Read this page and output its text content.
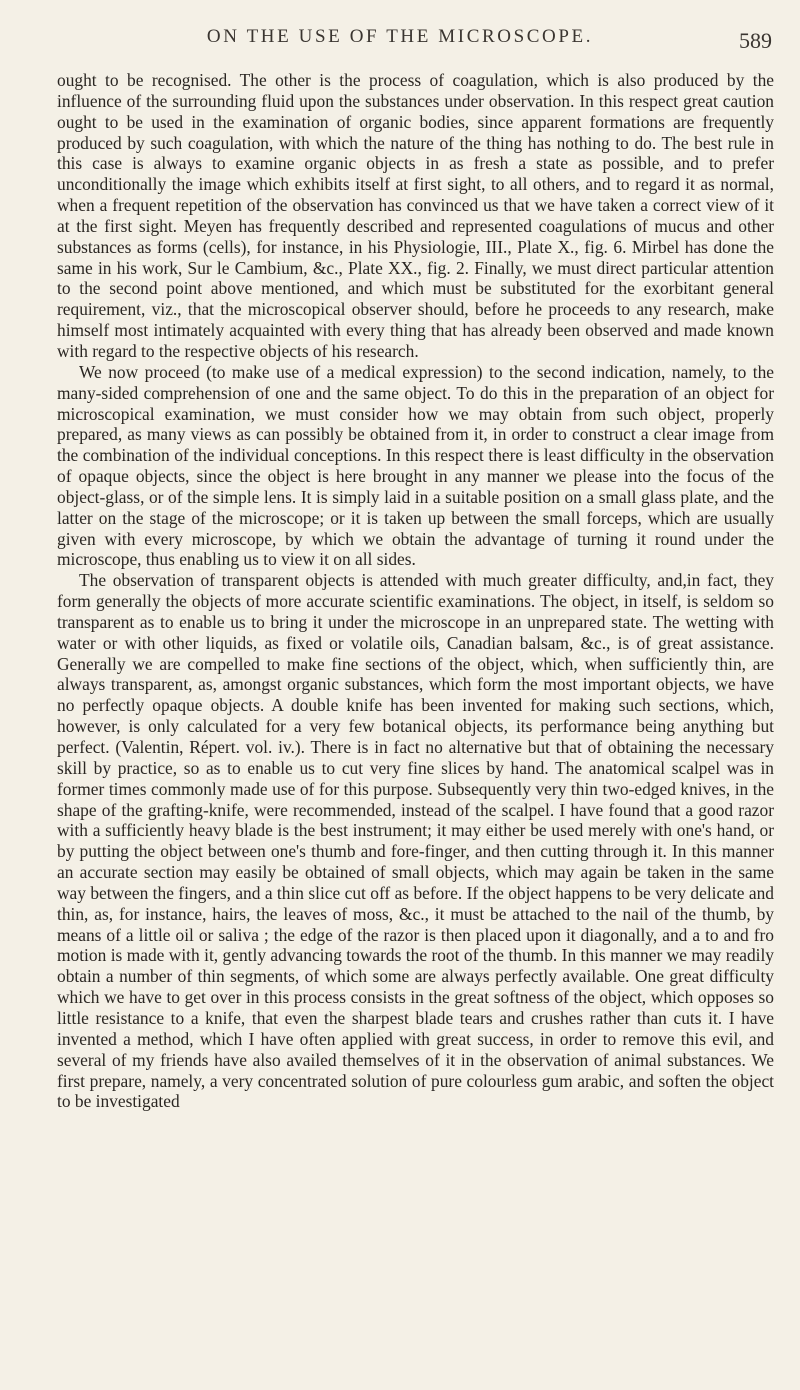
ON THE USE OF THE MICROSCOPE.	589

ought to be recognised. The other is the process of coagulation, which is also produced by the influence of the surrounding fluid upon the substances under observation. In this respect great caution ought to be used in the examination of organic bodies, since apparent formations are frequently produced by such coagulation, with which the nature of the thing has nothing to do. The best rule in this case is always to examine organic objects in as fresh a state as possible, and to prefer unconditionally the image which exhibits itself at first sight, to all others, and to regard it as normal, when a frequent repetition of the observation has convinced us that we have taken a correct view of it at the first sight. Meyen has frequently described and represented coagulations of mucus and other substances as forms (cells), for instance, in his Physiologie, III., Plate X., fig. 6. Mirbel has done the same in his work, Sur le Cambium, &c., Plate XX., fig. 2. Finally, we must direct particular attention to the second point above mentioned, and which must be substituted for the exorbitant general requirement, viz., that the microscopical observer should, before he proceeds to any research, make himself most intimately acquainted with every thing that has already been observed and made known with regard to the respective objects of his research.

We now proceed (to make use of a medical expression) to the second indication, namely, to the many-sided comprehension of one and the same object. To do this in the preparation of an object for microscopical examination, we must consider how we may obtain from such object, properly prepared, as many views as can possibly be obtained from it, in order to construct a clear image from the combination of the individual conceptions. In this respect there is least difficulty in the observation of opaque objects, since the object is here brought in any manner we please into the focus of the object-glass, or of the simple lens. It is simply laid in a suitable position on a small glass plate, and the latter on the stage of the microscope; or it is taken up between the small forceps, which are usually given with every microscope, by which we obtain the advantage of turning it round under the microscope, thus enabling us to view it on all sides.

The observation of transparent objects is attended with much greater difficulty, and,in fact, they form generally the objects of more accurate scientific examinations. The object, in itself, is seldom so transparent as to enable us to bring it under the microscope in an unprepared state. The wetting with water or with other liquids, as fixed or volatile oils, Canadian balsam, &c., is of great assistance. Generally we are compelled to make fine sections of the object, which, when sufficiently thin, are always transparent, as, amongst organic substances, which form the most important objects, we have no perfectly opaque objects. A double knife has been invented for making such sections, which, however, is only calculated for a very few botanical objects, its performance being anything but perfect. (Valentin, Répert. vol. iv.). There is in fact no alternative but that of obtaining the necessary skill by practice, so as to enable us to cut very fine slices by hand. The anatomical scalpel was in former times commonly made use of for this purpose. Subsequently very thin two-edged knives, in the shape of the grafting-knife, were recommended, instead of the scalpel. I have found that a good razor with a sufficiently heavy blade is the best instrument; it may either be used merely with one's hand, or by putting the object between one's thumb and fore-finger, and then cutting through it. In this manner an accurate section may easily be obtained of small objects, which may again be taken in the same way between the fingers, and a thin slice cut off as before. If the object happens to be very delicate and thin, as, for instance, hairs, the leaves of moss, &c., it must be attached to the nail of the thumb, by means of a little oil or saliva ; the edge of the razor is then placed upon it diagonally, and a to and fro motion is made with it, gently advancing towards the root of the thumb. In this manner we may readily obtain a number of thin segments, of which some are always perfectly available. One great difficulty which we have to get over in this process consists in the great softness of the object, which opposes so little resistance to a knife, that even the sharpest blade tears and crushes rather than cuts it. I have invented a method, which I have often applied with great success, in order to remove this evil, and several of my friends have also availed themselves of it in the observation of animal substances. We first prepare, namely, a very concentrated solution of pure colourless gum arabic, and soften the object to be investigated
